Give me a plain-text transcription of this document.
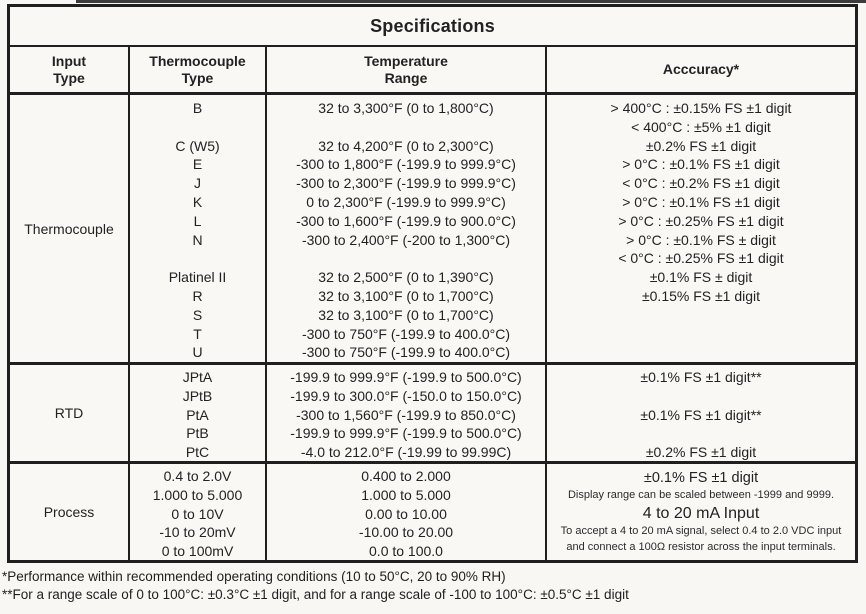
Specifications
Input
Type
Thermocouple
Type
Temperature
Range
Acccuracy*
Thermocouple
B
C (W5)
E
J
K
L
N
Platinel II
R
S
T
U
32 to 3,300°F (0 to 1,800°C)
32 to 4,200°F (0 to 2,300°C)
-300 to 1,800°F (-199.9 to 999.9°C)
-300 to 2,300°F (-199.9 to 999.9°C)
0 to 2,300°F (-199.9 to 999.9°C)
-300 to 1,600°F (-199.9 to 900.0°C)
-300 to 2,400°F (-200 to 1,300°C)
32 to 2,500°F (0 to 1,390°C)
32 to 3,100°F (0 to 1,700°C)
32 to 3,100°F (0 to 1,700°C)
-300 to 750°F (-199.9 to 400.0°C)
-300 to 750°F (-199.9 to 400.0°C)
> 400°C : ±0.15% FS ±1 digit
< 400°C : ±5% ±1 digit
±0.2% FS ±1 digit
> 0°C : ±0.1% FS ±1 digit
< 0°C : ±0.2% FS ±1 digit
> 0°C : ±0.1% FS ±1 digit
> 0°C : ±0.25% FS ±1 digit
> 0°C : ±0.1% FS ± digit
< 0°C : ±0.25% FS ±1 digit
±0.1% FS ± digit
±0.15% FS ±1 digit
RTD
JPtA
JPtB
PtA
PtB
PtC
-199.9 to 999.9°F (-199.9 to 500.0°C)
-199.9 to 300.0°F (-150.0 to 150.0°C)
-300 to 1,560°F (-199.9 to 850.0°C)
-199.9 to 999.9°F (-199.9 to 500.0°C)
-4.0 to 212.0°F (-19.99 to 99.99C)
±0.1% FS ±1 digit**
±0.1% FS ±1 digit**
±0.2% FS ±1 digit
Process
0.4 to 2.0V
1.000 to 5.000
0 to 10V
-10 to 20mV
0 to 100mV
0.400 to 2.000
1.000 to 5.000
0.00 to 10.00
-10.00 to 20.00
0.0 to 100.0
±0.1% FS ±1 digit
Display range can be scaled between -1999 and 9999.
4 to 20 mA Input
To accept a 4 to 20 mA signal, select 0.4 to 2.0 VDC input
and connect a 100Ω resistor across the input terminals.
*Performance within recommended operating conditions (10 to 50°C, 20 to 90% RH)
**For a range scale of 0 to 100°C: ±0.3°C ±1 digit, and for a range scale of -100 to 100°C: ±0.5°C ±1 digit
